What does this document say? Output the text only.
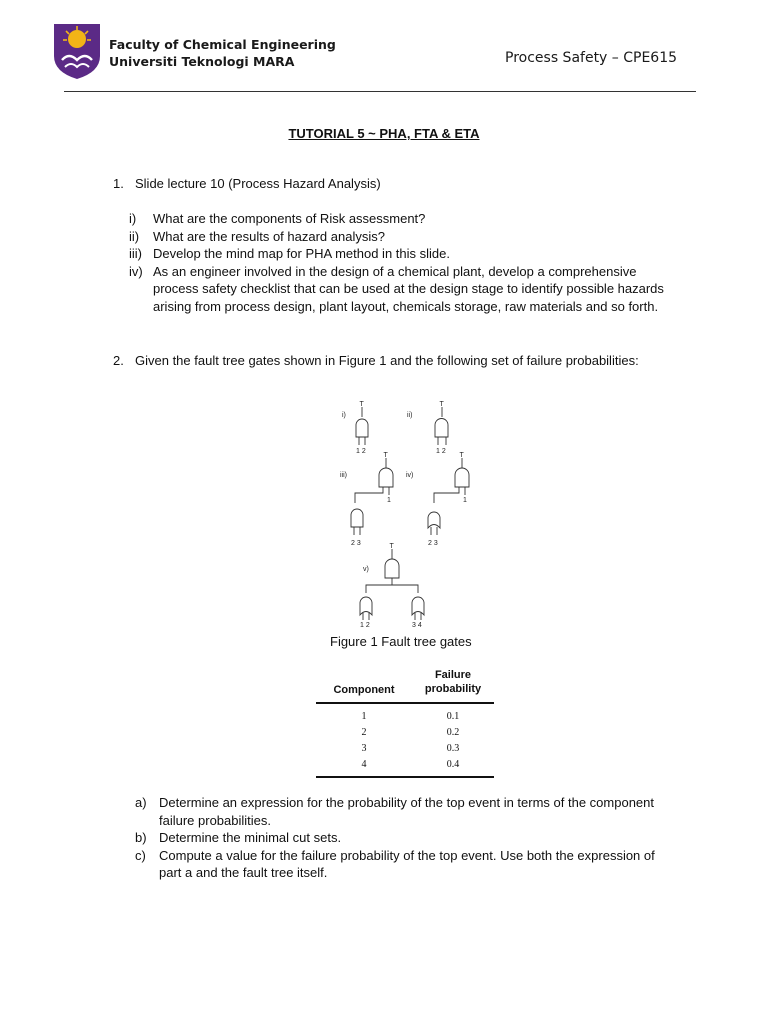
Faculty of Chemical Engineering
Universiti Teknologi MARA	Process Safety – CPE615
TUTORIAL 5 ~ PHA, FTA & ETA
1. Slide lecture 10 (Process Hazard Analysis)
i) What are the components of Risk assessment?
ii) What are the results of hazard analysis?
iii) Develop the mind map for PHA method in this slide.
iv) As an engineer involved in the design of a chemical plant, develop a comprehensive process safety checklist that can be used at the design stage to identify possible hazards arising from process design, plant layout, chemicals storage, raw materials and so forth.
2. Given the fault tree gates shown in Figure 1 and the following set of failure probabilities:
i)
T
1 2
ii)
T
1 2
iii)
T
1
2 3
iv)
T
1
2 3
v)
T
1 2	3 4
Figure 1 Fault tree gates
Component	Failure probability
1	0.1
2	0.2
3	0.3
4	0.4
a) Determine an expression for the probability of the top event in terms of the component failure probabilities.
b) Determine the minimal cut sets.
c) Compute a value for the failure probability of the top event. Use both the expression of part a and the fault tree itself.
